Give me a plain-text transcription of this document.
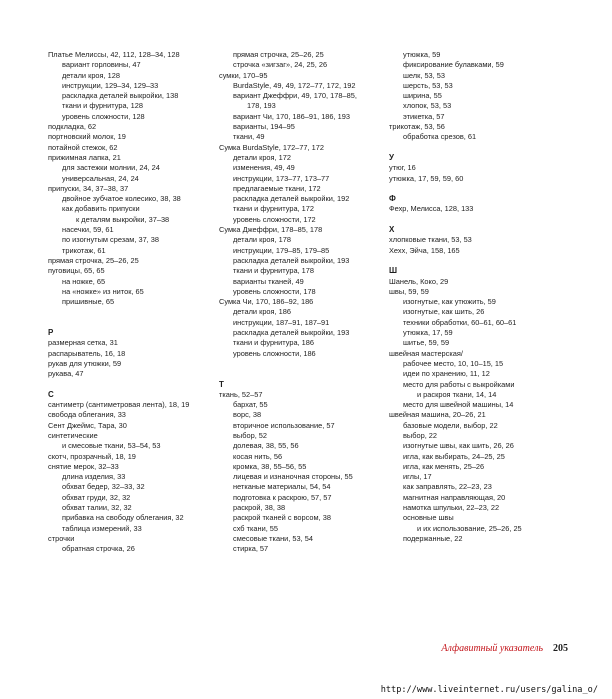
Платье Мелиссы, 42, 112, 128–34, 128
вариант горловины, 47
детали кроя, 128
инструкции, 129–34, 129–33
раскладка деталей выкройки, 138
ткани и фурнитура, 128
уровень сложности, 128
подкладка, 62
портновский молок, 19
потайной стежок, 62
прижимная лапка, 21
для застежки молнии, 24, 24
универсальная, 24, 24
припуски, 34, 37–38, 37
двойное зубчатое колесико, 38, 38
как добавить припуски
к деталям выкройки, 37–38
насечки, 59, 61
по изогнутым срезам, 37, 38
трикотаж, 61
прямая строчка, 25–26, 25
пуговицы, 65, 65
на ножке, 65
на «ножке» из ниток, 65
пришивные, 65
Р
размерная сетка, 31
распарыватель, 16, 18
рукав для утюжки, 59
рукава, 47
С
сантиметр (сантиметровая лента), 18, 19
свобода облегания, 33
Сент Джеймс, Тара, 30
синтетические
и смесовые ткани, 53–54, 53
скотч, прозрачный, 18, 19
снятие мерок, 32–33
длина изделия, 33
обхват бедер, 32–33, 32
обхват груди, 32, 32
обхват талии, 32, 32
прибавка на свободу облегания, 32
таблица измерений, 33
строчки
обратная строчка, 26
прямая строчка, 25–26, 25
строчка «зигзаг», 24, 25, 26
сумки, 170–95
BurdaStyle, 49, 49, 172–77, 172, 192
вариант Джеффри, 49, 170, 178–85,
178, 193
вариант Чи, 170, 186–91, 186, 193
варианты, 194–95
ткани, 49
Сумка BurdaStyle, 172–77, 172
детали кроя, 172
изменения, 49, 49
инструкции, 173–77, 173–77
предлагаемые ткани, 172
раскладка деталей выкройки, 192
ткани и фурнитура, 172
уровень сложности, 172
Сумка Джеффри, 178–85, 178
детали кроя, 178
инструкции, 179–85, 179–85
раскладка деталей выкройки, 193
ткани и фурнитура, 178
варианты тканей, 49
уровень сложности, 178
Сумка Чи, 170, 186–92, 186
детали кроя, 186
инструкции, 187–91, 187–91
раскладка деталей выкройки, 193
ткани и фурнитура, 186
уровень сложности, 186
Т
ткань, 52–57
бархат, 55
ворс, 38
вторичное использование, 57
выбор, 52
долевая, 38, 55, 56
косая нить, 56
кромка, 38, 55–56, 55
лицевая и изнаночная стороны, 55
нетканые материалы, 54, 54
подготовка к раскрою, 57, 57
раскрой, 38, 38
раскрой тканей с ворсом, 38
схб ткани, 55
смесовые ткани, 53, 54
стирка, 57
утюжка, 59
фиксирование булавками, 59
шелк, 53, 53
шерсть, 53, 53
ширина, 55
хлопок, 53, 53
этикетка, 57
трикотаж, 53, 56
обработка срезов, 61
У
утюг, 16
утюжка, 17, 59, 59, 60
Ф
Фехр, Мелисса, 128, 133
Х
хлопковые ткани, 53, 53
Хехх, Эйча, 158, 165
Ш
Шанель, Коко, 29
швы, 59, 59
изогнутые, как утюжить, 59
изогнутые, как шить, 26
техники обработки, 60–61, 60–61
утюжка, 17, 59
шитье, 59, 59
швейная мастерская/
рабочее место, 10, 10–15, 15
идеи по хранению, 11, 12
место для работы с выкройками
и раскроя ткани, 14, 14
место для швейной машины, 14
швейная машина, 20–26, 21
базовые модели, выбор, 22
выбор, 22
изогнутые швы, как шить, 26, 26
игла, как выбирать, 24–25, 25
игла, как менять, 25–26
иглы, 17
как заправлять, 22–23, 23
магнитная направляющая, 20
намотка шпульки, 22–23, 22
основные швы
и их использование, 25–26, 25
подержанные, 22
Алфавитный указатель 205
http://www.liveinternet.ru/users/galina_o/
